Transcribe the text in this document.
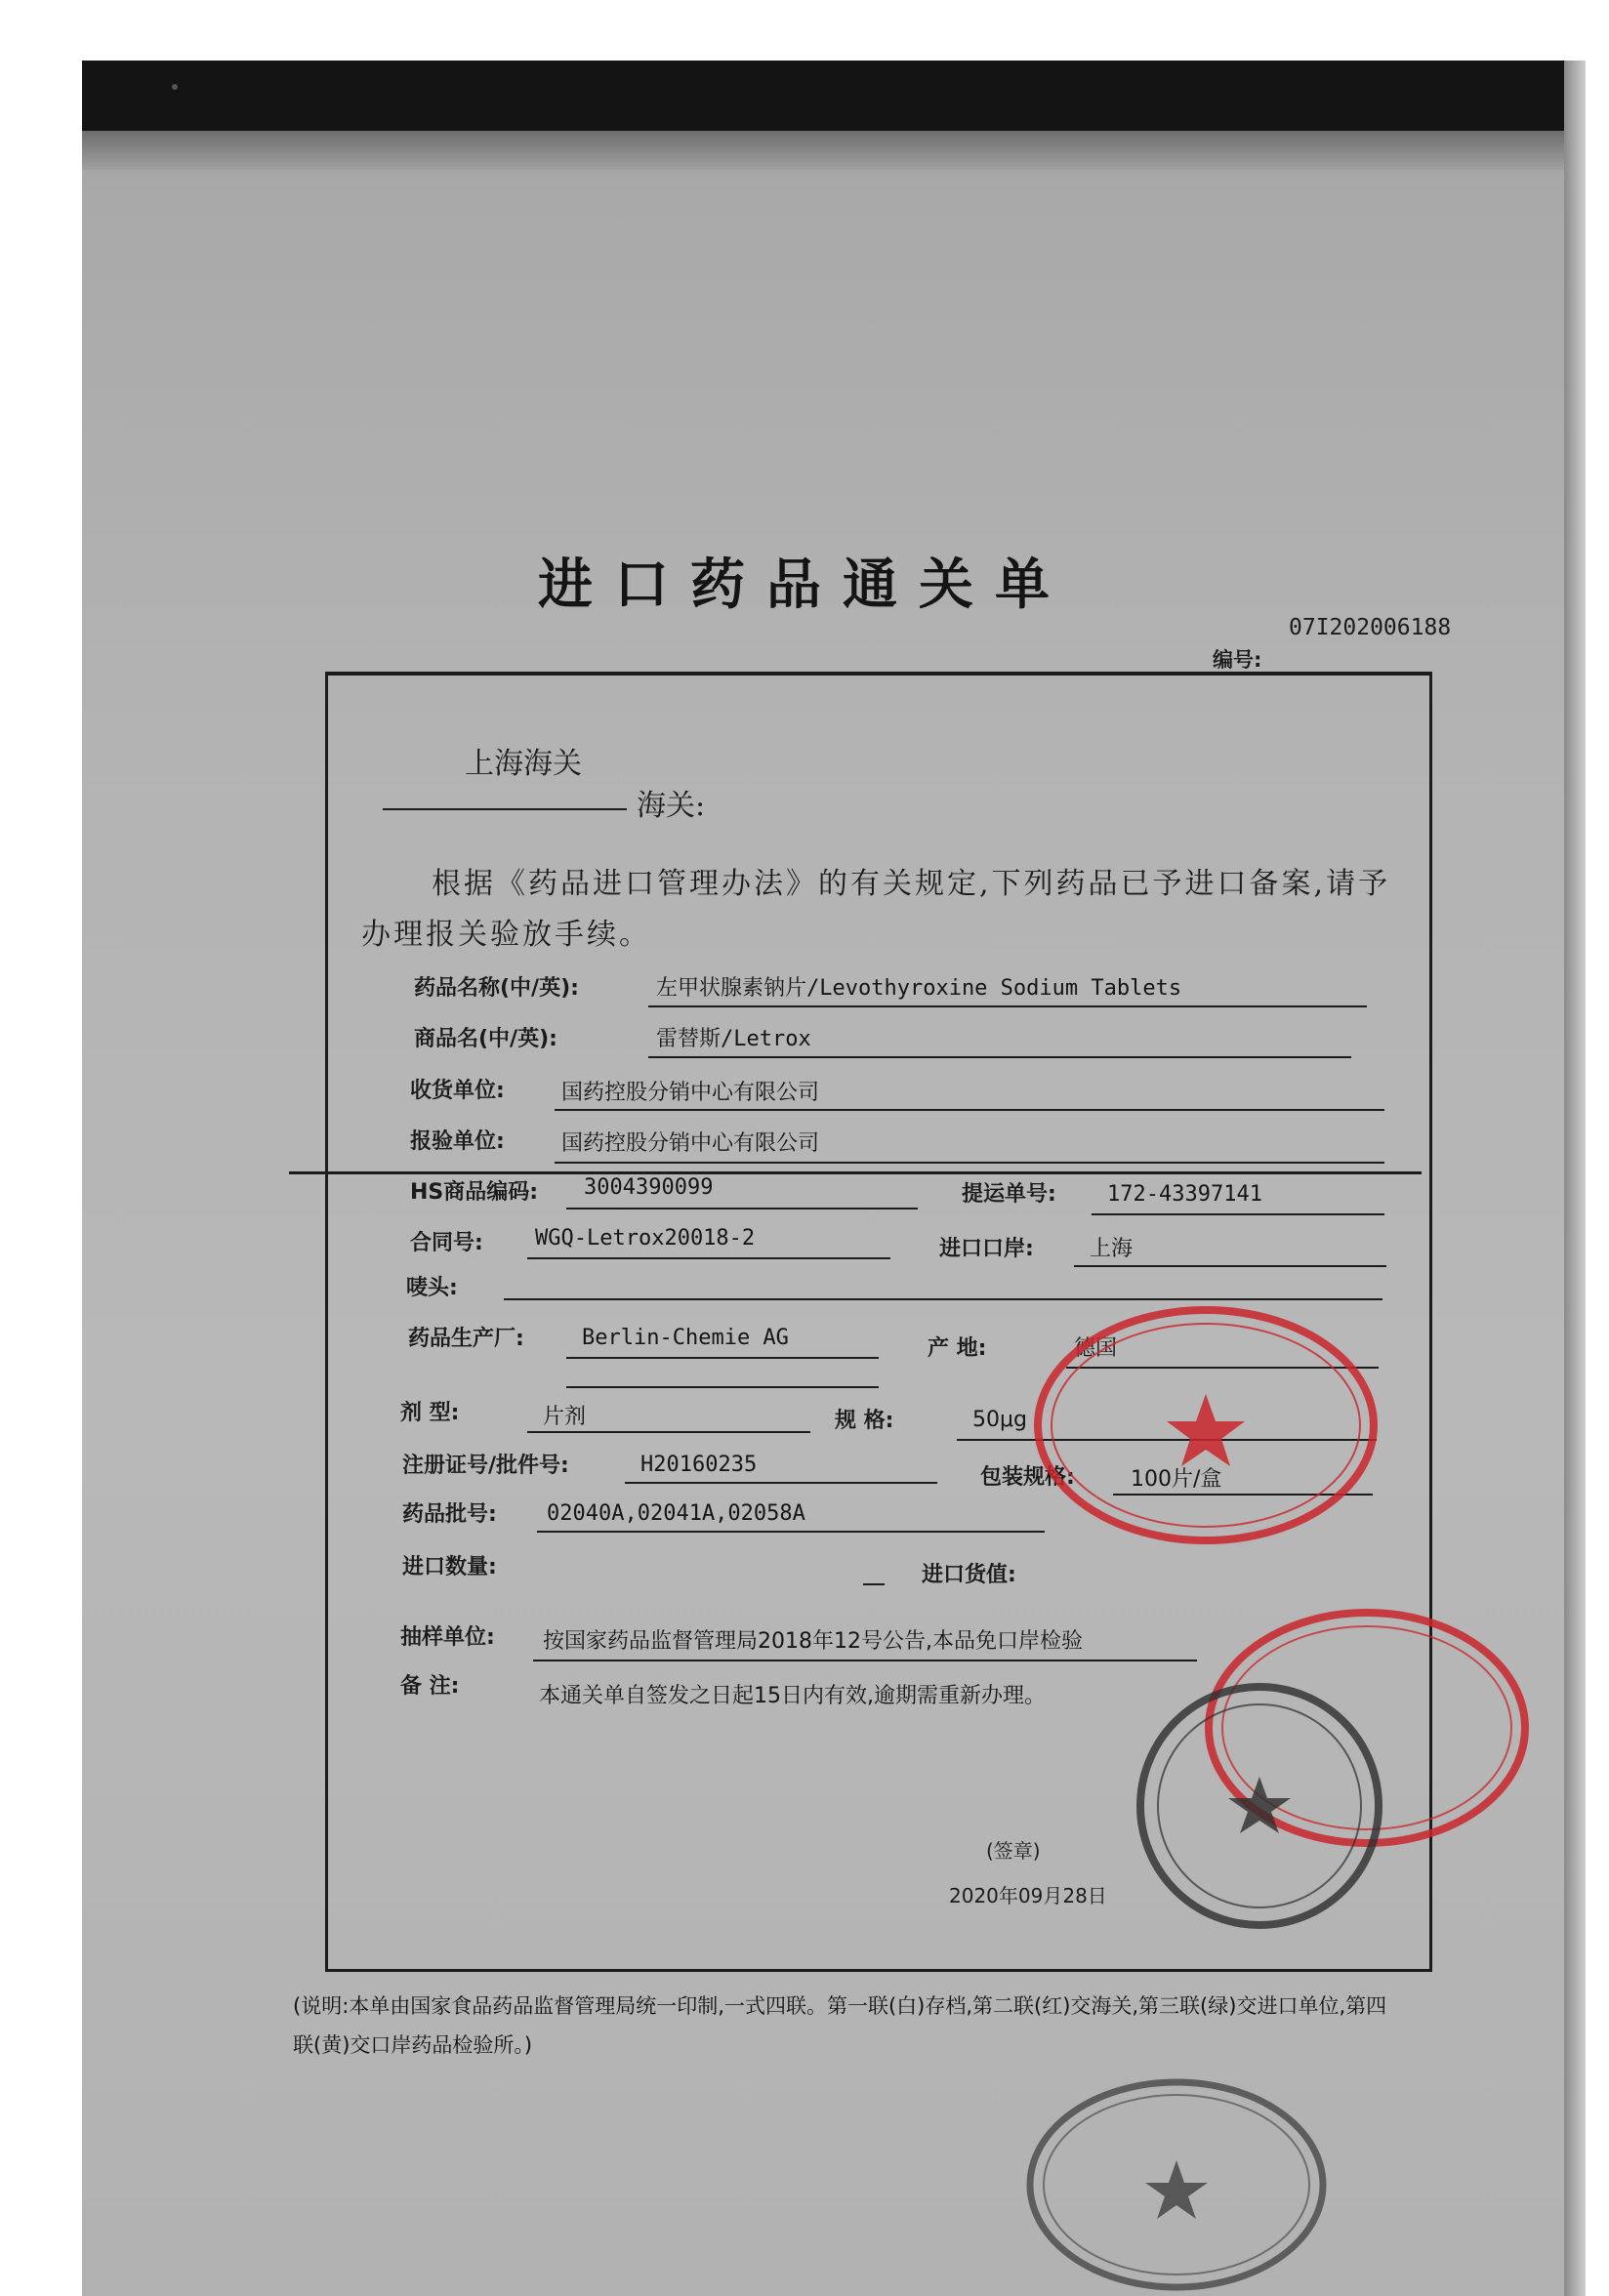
进口药品通关单
07I202006188
编号:
上海海关
海关:
根据《药品进口管理办法》的有关规定,下列药品已予进口备案,请予办理报关验放手续。
药品名称(中/英):	左甲状腺素钠片/Levothyroxine Sodium Tablets
商品名(中/英):	雷替斯/Letrox
收货单位:	国药控股分销中心有限公司
报验单位:	国药控股分销中心有限公司
HS商品编码: 3004390099	提运单号: 172-43397141
合同号: WGQ-Letrox20018-2	进口口岸:	上海
唛头:
药品生产厂:	Berlin-Chemie AG	产 地:	德国
剂 型:	片剂	规 格:	50μg
注册证号/批件号:	H20160235
包装规格:	100片/盒
药品批号: 02040A,02041A,02058A
进口数量:	进口货值:
抽样单位: 按国家药品监督管理局2018年12号公告,本品免口岸检验
备 注:	本通关单自签发之日起15日内有效,逾期需重新办理。
(签章)
2020年09月28日
(说明:本单由国家食品药品监督管理局统一印制,一式四联。第一联(白)存档,第二联(红)交海关,第三联(绿)交进口单位,第四联(黄)交口岸药品检验所。)
